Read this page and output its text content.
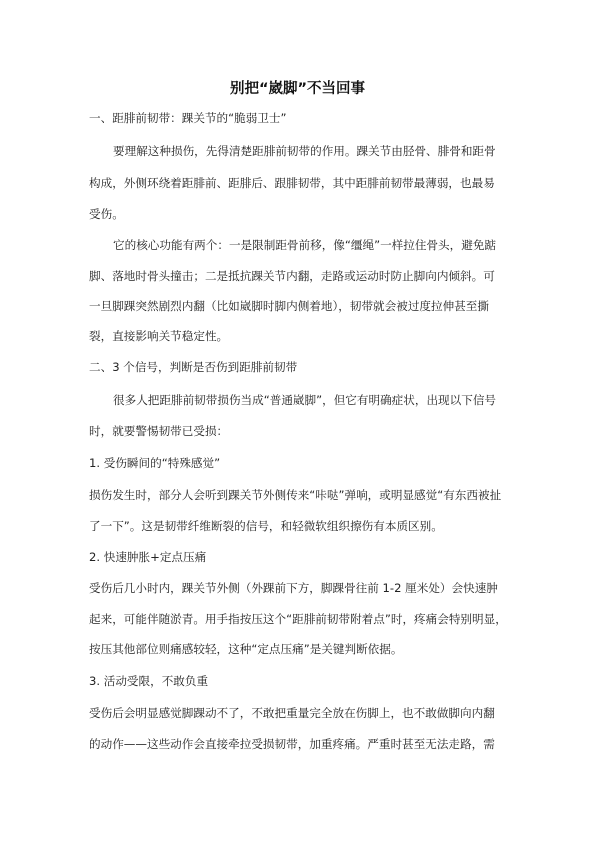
别把“崴脚”不当回事
一、距腓前韧带：踝关节的“脆弱卫士”
要理解这种损伤，先得清楚距腓前韧带的作用。踝关节由胫骨、腓骨和距骨
构成，外侧环绕着距腓前、距腓后、跟腓韧带，其中距腓前韧带最薄弱，也最易
受伤。
它的核心功能有两个：一是限制距骨前移，像“缰绳”一样拉住骨头，避免踮
脚、落地时骨头撞击；二是抵抗踝关节内翻，走路或运动时防止脚向内倾斜。可
一旦脚踝突然剧烈内翻（比如崴脚时脚内侧着地），韧带就会被过度拉伸甚至撕
裂，直接影响关节稳定性。
二、3 个信号，判断是否伤到距腓前韧带
很多人把距腓前韧带损伤当成“普通崴脚”，但它有明确症状，出现以下信号
时，就要警惕韧带已受损：
1. 受伤瞬间的“特殊感觉”
损伤发生时，部分人会听到踝关节外侧传来“咔哒”弹响，或明显感觉“有东西被扯
了一下”。这是韧带纤维断裂的信号，和轻微软组织擦伤有本质区别。
2. 快速肿胀+定点压痛
受伤后几小时内，踝关节外侧（外踝前下方，脚踝骨往前 1-2 厘米处）会快速肿
起来，可能伴随淤青。用手指按压这个“距腓前韧带附着点”时，疼痛会特别明显，
按压其他部位则痛感较轻，这种“定点压痛”是关键判断依据。
3. 活动受限，不敢负重
受伤后会明显感觉脚踝动不了，不敢把重量完全放在伤脚上，也不敢做脚向内翻
的动作——这些动作会直接牵拉受损韧带，加重疼痛。严重时甚至无法走路，需
